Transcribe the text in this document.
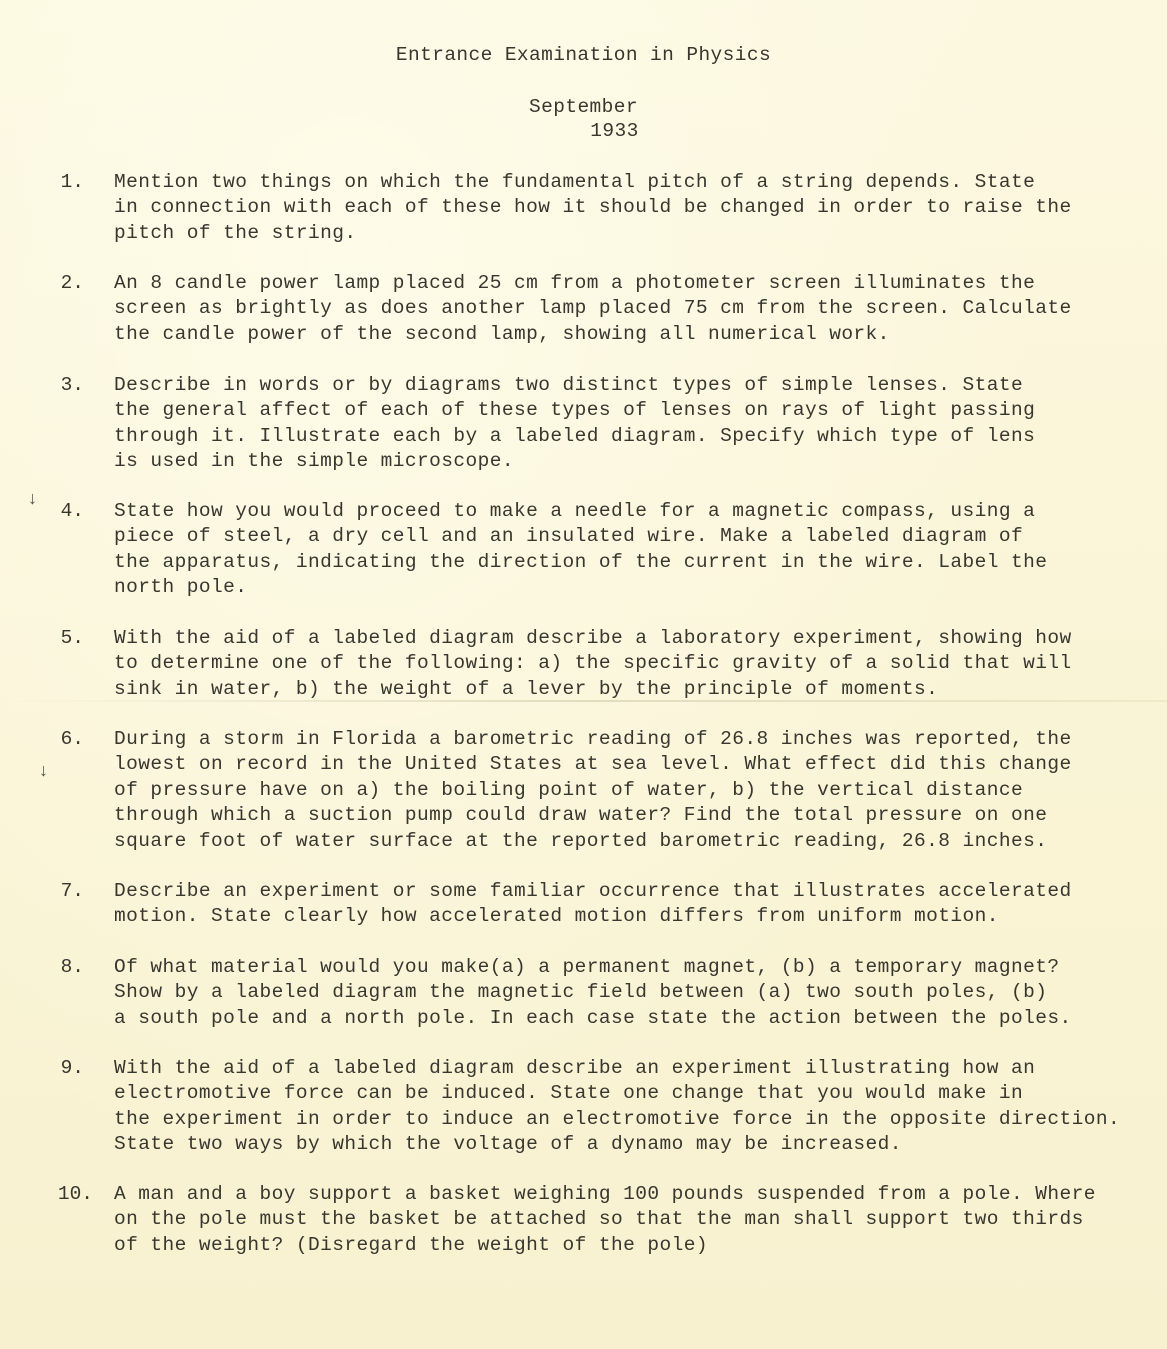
Entrance Examination in Physics
September
1933
↓
↓
1. Mention two things on which the fundamental pitch of a string depends. State
in connection with each of these how it should be changed in order to raise the
pitch of the string.
2. An 8 candle power lamp placed 25 cm from a photometer screen illuminates the
screen as brightly as does another lamp placed 75 cm from the screen. Calculate
the candle power of the second lamp, showing all numerical work.
3. Describe in words or by diagrams two distinct types of simple lenses. State
the general affect of each of these types of lenses on rays of light passing
through it. Illustrate each by a labeled diagram. Specify which type of lens
is used in the simple microscope.
4. State how you would proceed to make a needle for a magnetic compass, using a
piece of steel, a dry cell and an insulated wire. Make a labeled diagram of
the apparatus, indicating the direction of the current in the wire. Label the
north pole.
5. With the aid of a labeled diagram describe a laboratory experiment, showing how
to determine one of the following: a) the specific gravity of a solid that will
sink in water, b) the weight of a lever by the principle of moments.
6. During a storm in Florida a barometric reading of 26.8 inches was reported, the
lowest on record in the United States at sea level. What effect did this change
of pressure have on a) the boiling point of water, b) the vertical distance
through which a suction pump could draw water? Find the total pressure on one
square foot of water surface at the reported barometric reading, 26.8 inches.
7. Describe an experiment or some familiar occurrence that illustrates accelerated
motion. State clearly how accelerated motion differs from uniform motion.
8. Of what material would you make(a) a permanent magnet, (b) a temporary magnet?
Show by a labeled diagram the magnetic field between (a) two south poles, (b)
a south pole and a north pole. In each case state the action between the poles.
9. With the aid of a labeled diagram describe an experiment illustrating how an
electromotive force can be induced. State one change that you would make in
the experiment in order to induce an electromotive force in the opposite direction.
State two ways by which the voltage of a dynamo may be increased.
10. A man and a boy support a basket weighing 100 pounds suspended from a pole. Where
on the pole must the basket be attached so that the man shall support two thirds
of the weight? (Disregard the weight of the pole)
